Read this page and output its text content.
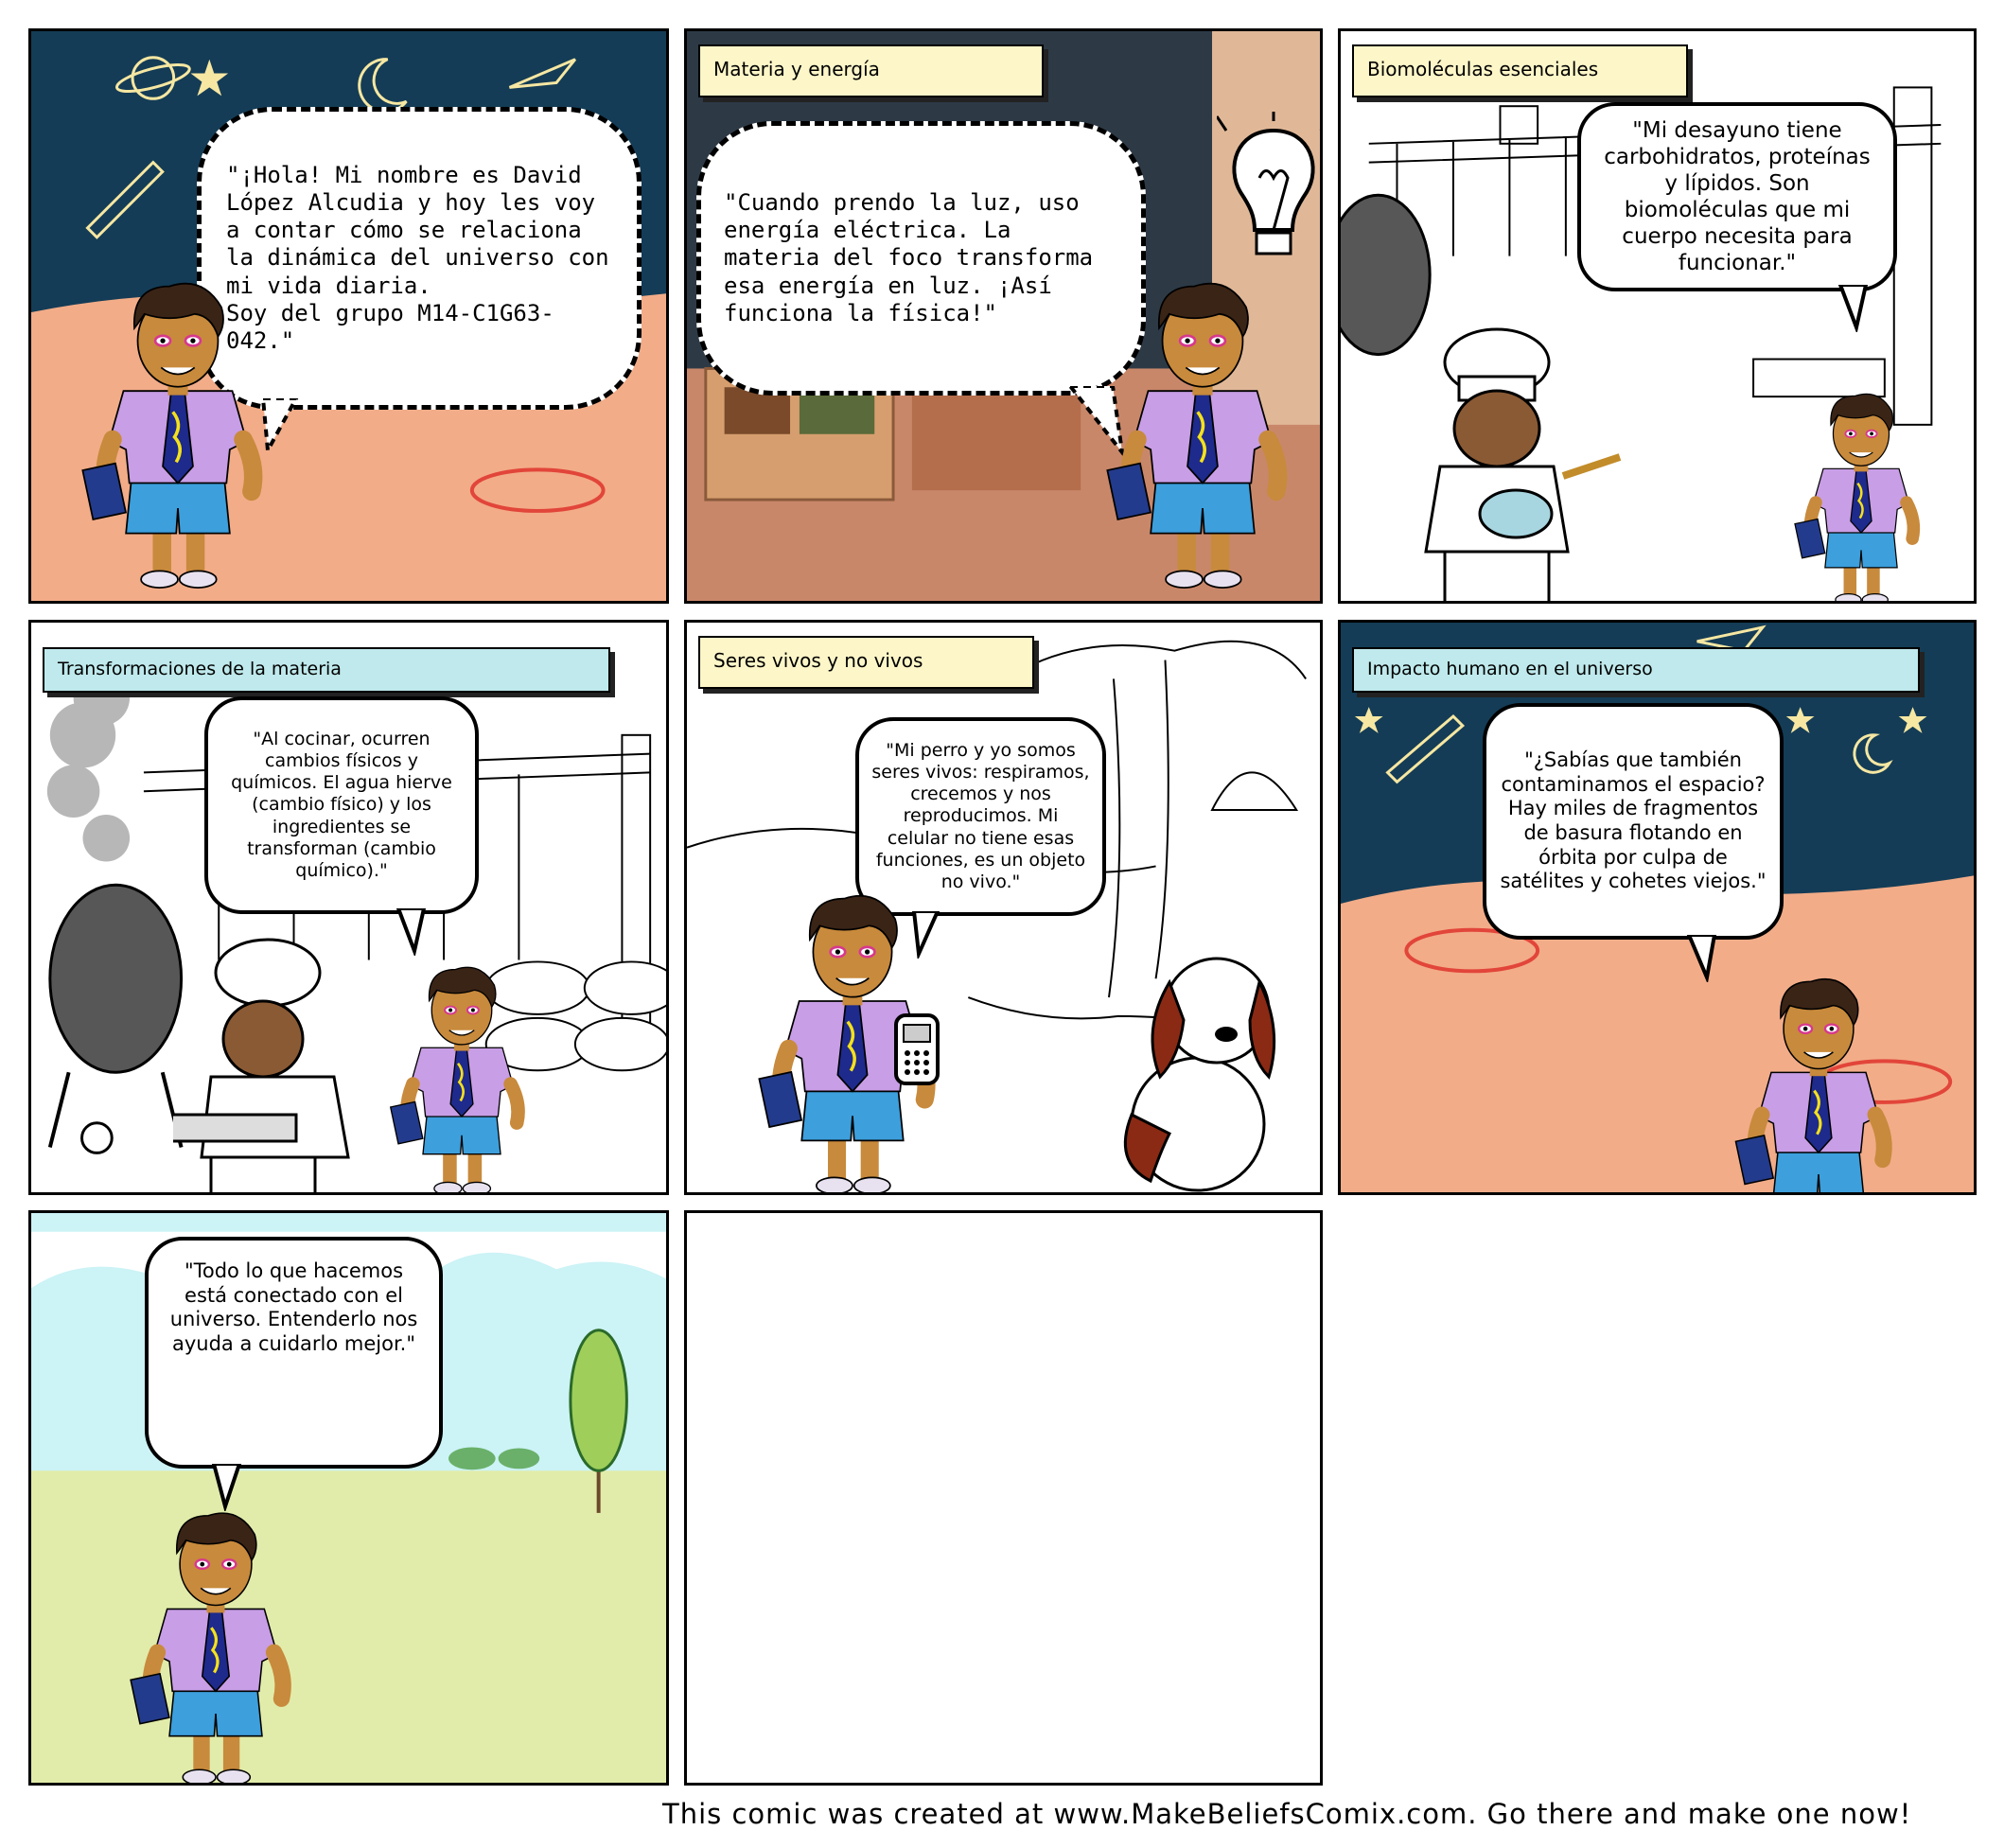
"¡Hola! Mi nombre es David López Alcudia y hoy les voy a contar cómo se relaciona la dinámica del universo con mi vida diaria.
Soy del grupo M14-C1G63-042."
Materia y energía
"Cuando prendo la luz, uso energía eléctrica. La materia del foco transforma esa energía en luz. ¡Así funciona la física!"
Biomoléculas esenciales
"Mi desayuno tiene carbohidratos, proteínas y lípidos. Son biomoléculas que mi cuerpo necesita para funcionar."
Transformaciones de la materia
"Al cocinar, ocurren cambios físicos y químicos. El agua hierve (cambio físico) y los ingredientes se transforman (cambio químico)."
Seres vivos y no vivos
"Mi perro y yo somos seres vivos: respiramos, crecemos y nos reproducimos. Mi celular no tiene esas funciones, es un objeto no vivo."
Impacto humano en el universo
"¿Sabías que también contaminamos el espacio? Hay miles de fragmentos de basura flotando en órbita por culpa de satélites y cohetes viejos."
"Todo lo que hacemos está conectado con el universo. Entenderlo nos ayuda a cuidarlo mejor."
This comic was created at www.MakeBeliefsComix.com. Go there and make one now!
